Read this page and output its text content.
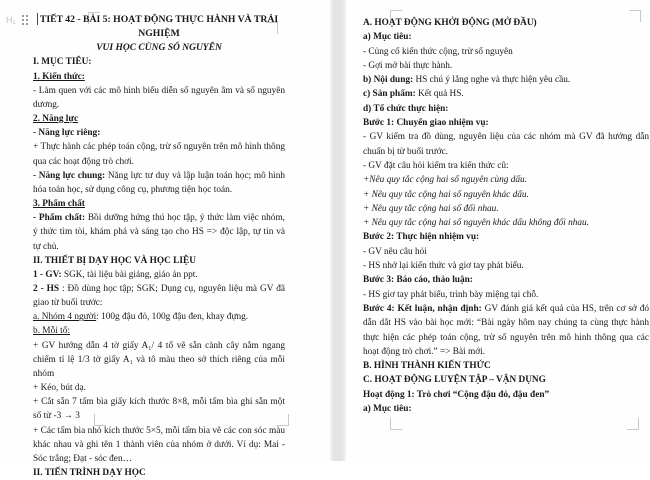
H₁	TIẾT 42 - BÀI 5: HOẠT ĐỘNG THỰC HÀNH VÀ TRẢI NGHIỆM

VUI HỌC CÙNG SỐ NGUYÊN

I. MỤC TIÊU:

1. Kiến thức:

- Làm quen với các mô hình biểu diễn số nguyên âm và số nguyên dương.

2. Năng lực

- Năng lực riêng:

+ Thực hành các phép toán cộng, trừ số nguyên trên mô hình thông qua các hoạt động trò chơi.

- Năng lực chung: Năng lực tư duy và lập luận toán học; mô hình hóa toán học, sử dụng công cụ, phương tiện học toán.

3. Phẩm chất

- Phẩm chất: Bồi dưỡng hứng thú học tập, ý thức làm việc nhóm, ý thức tìm tòi, khám phá và sáng tạo cho HS => độc lập, tự tin và tự chủ.

II. THIẾT BỊ DẠY HỌC VÀ HỌC LIỆU

1 - GV: SGK, tài liệu bài giảng, giáo án ppt.

2 - HS : Đồ dùng học tập; SGK; Dụng cụ, nguyên liệu mà GV đã giao từ buổi trước:

a. Nhóm 4 người: 100g đậu đỏ, 100g đậu đen, khay đựng.

b. Mỗi tổ:

+ GV hướng dẫn 4 tờ giấy A₁/ 4 tổ vẽ sẵn cành cây nằm ngang chiếm tỉ lệ 1/3 tờ giấy A₁ và tô màu theo sở thích riêng của mỗi nhóm

+ Kéo, bút dạ.

+ Cắt sẵn 7 tấm bìa giấy kích thước 8×8, mỗi tấm bìa ghi sẵn một số từ -3 → 3

+ Các tấm bìa nhỏ kích thước 5×5, mỗi tấm bìa vẽ các con sóc màu khác nhau và ghi tên 1 thành viên của nhóm ở dưới. Ví dụ: Mai - Sóc trắng; Đạt - sóc đen…

II. TIẾN TRÌNH DẠY HỌC

A. HOẠT ĐỘNG KHỞI ĐỘNG (MỞ ĐẦU)

a) Mục tiêu:

- Củng cố kiến thức cộng, trừ số nguyên

- Gợi mở bài thực hành.

b) Nội dung: HS chú ý lắng nghe và thực hiện yêu cầu.

c) Sản phẩm: Kết quả HS.

d) Tổ chức thực hiện:

Bước 1: Chuyển giao nhiệm vụ:

- GV kiểm tra đồ dùng, nguyên liệu của các nhóm mà GV đã hướng dẫn chuẩn bị từ buổi trước.

- GV đặt câu hỏi kiểm tra kiến thức cũ:

+Nêu quy tắc cộng hai số nguyên cùng dấu.

+ Nêu quy tắc cộng hai số nguyên khác dấu.

+ Nêu quy tắc cộng hai số đối nhau.

+ Nêu quy tắc cộng hai số nguyên khác dấu không đối nhau.

Bước 2: Thực hiện nhiệm vụ:

- GV nêu câu hỏi

- HS nhớ lại kiến thức và giơ tay phát biểu.

Bước 3: Báo cáo, thảo luận:

- HS giơ tay phát biểu, trình bày miệng tại chỗ.

Bước 4: Kết luận, nhận định: GV đánh giá kết quả của HS, trên cơ sở đó dẫn dắt HS vào bài học mới: “Bài ngày hôm nay chúng ta cùng thực hành thực hiện các phép toán cộng, trừ số nguyên trên mô hình thông qua các hoạt động trò chơi.” => Bài mới.

B. HÌNH THÀNH KIẾN THỨC

C. HOẠT ĐỘNG LUYỆN TẬP – VẬN DỤNG

Hoạt động 1: Trò chơi “Cộng đậu đỏ, đậu đen”

a) Mục tiêu:
